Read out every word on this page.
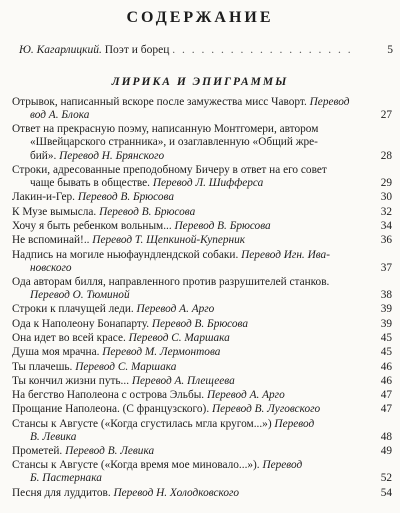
СОДЕРЖАНИЕ
Ю. Кагарлицкий. Поэт и борец . . . . . . . . . . . . . . . . . . .	5
ЛИРИКА И ЭПИГРАММЫ
Отрывок, написанный вскоре после замужества мисс Чаворт. Перевод
вод А. Блока	27
Ответ на прекрасную поэму, написанную Монтгомери, автором
«Швейцарского странника», и озаглавленную «Общий жре-
бий». Перевод Н. Брянского	28
Строки, адресованные преподобному Бичеру в ответ на его совет
чаще бывать в обществе. Перевод Л. Шифферса	29
Лакин-и-Гер. Перевод В. Брюсова	30
К Музе вымысла. Перевод В. Брюсова	32
Хочу я быть ребенком вольным... Перевод В. Брюсова	34
Не вспоминай!.. Перевод Т. Щепкиной-Куперник	36
Надпись на могиле ньюфаундлендской собаки. Перевод Игн. Ива-
новского	37
Ода авторам билля, направленного против разрушителей станков.
Перевод О. Тюминой	38
Строки к плачущей леди. Перевод А. Арго	39
Ода к Наполеону Бонапарту. Перевод В. Брюсова	39
Она идет во всей красе. Перевод С. Маршака	45
Душа моя мрачна. Перевод М. Лермонтова	45
Ты плачешь. Перевод С. Маршака	46
Ты кончил жизни путь... Перевод А. Плещеева	46
На бегство Наполеона с острова Эльбы. Перевод А. Арго	47
Прощание Наполеона. (С французского). Перевод В. Луговского	47
Стансы к Августе («Когда сгустилась мгла кругом...») Перевод
В. Левика	48
Прометей. Перевод В. Левика	49
Стансы к Августе («Когда время мое миновало...»). Перевод
Б. Пастернака	52
Песня для луддитов. Перевод Н. Холодковского	54
